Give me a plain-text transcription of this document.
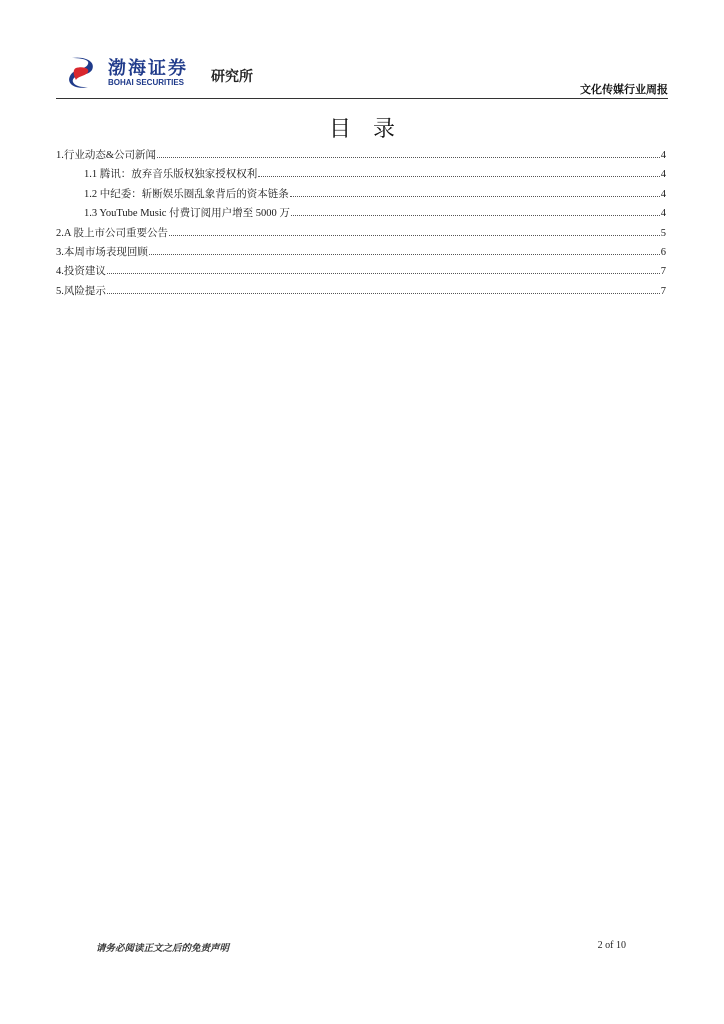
渤海证券
BOHAI SECURITIES 研究所
文化传媒行业周报
目录
1.行业动态&公司新闻	4
1.1 腾讯：放弃音乐版权独家授权权利	4
1.2 中纪委：斩断娱乐圈乱象背后的资本链条	4
1.3 YouTube Music 付费订阅用户增至 5000 万	4
2.A 股上市公司重要公告	5
3.本周市场表现回顾	6
4.投资建议	7
5.风险提示	7
请务必阅读正文之后的免责声明	2 of 10
